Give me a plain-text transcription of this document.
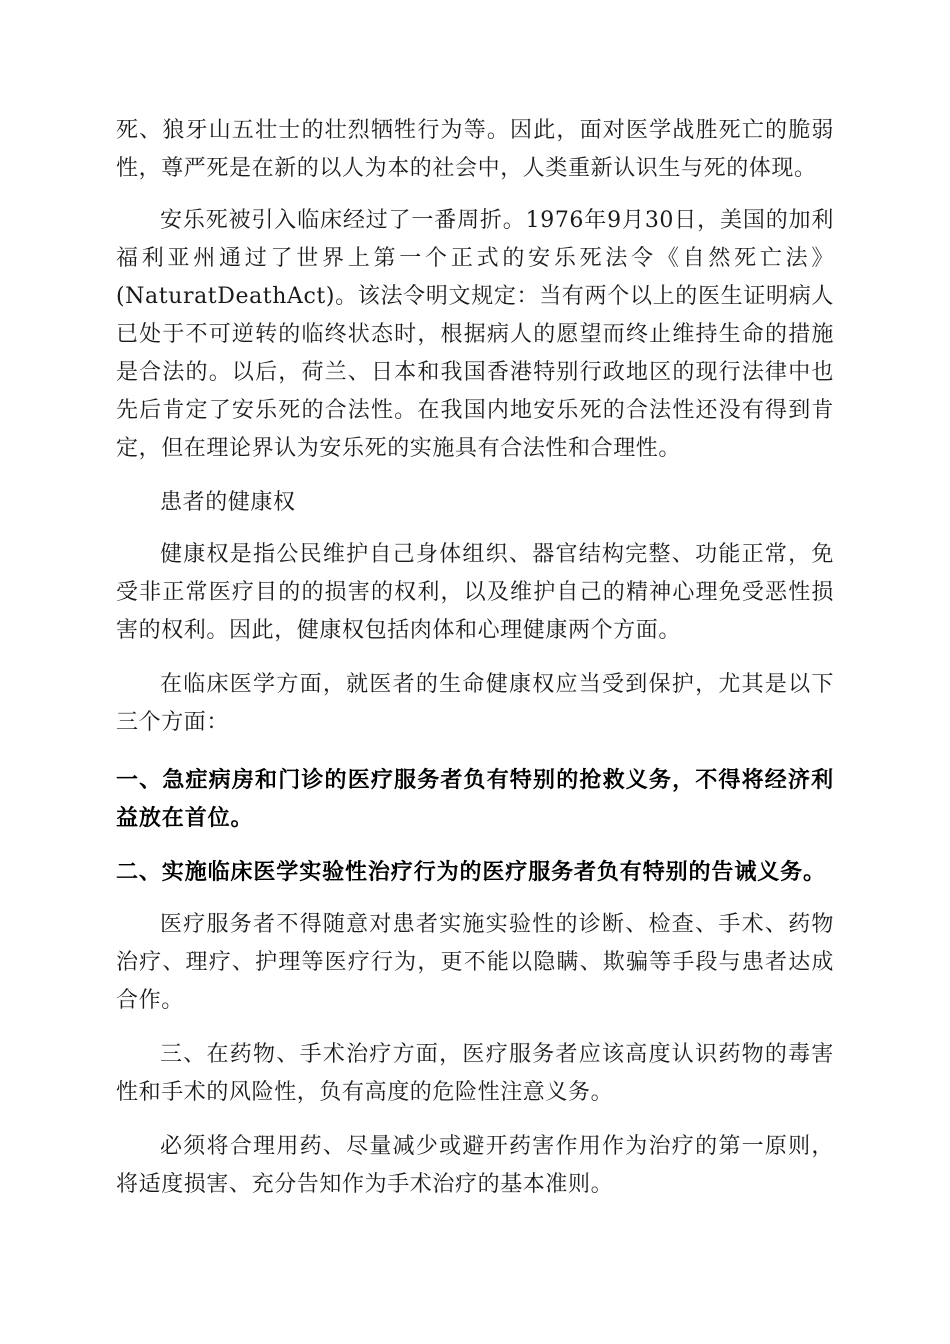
死、狼牙山五壮士的壮烈牺牲行为等。因此，面对医学战胜死亡的脆弱性，尊严死是在新的以人为本的社会中，人类重新认识生与死的体现。

安乐死被引入临床经过了一番周折。1976年9月30日，美国的加利福利亚州通过了世界上第一个正式的安乐死法令《自然死亡法》(NaturatDeathAct)。该法令明文规定：当有两个以上的医生证明病人已处于不可逆转的临终状态时，根据病人的愿望而终止维持生命的措施是合法的。以后，荷兰、日本和我国香港特别行政地区的现行法律中也先后肯定了安乐死的合法性。在我国内地安乐死的合法性还没有得到肯定，但在理论界认为安乐死的实施具有合法性和合理性。

患者的健康权

健康权是指公民维护自己身体组织、器官结构完整、功能正常，免受非正常医疗目的的损害的权利，以及维护自己的精神心理免受恶性损害的权利。因此，健康权包括肉体和心理健康两个方面。

在临床医学方面，就医者的生命健康权应当受到保护，尤其是以下三个方面：

一、急症病房和门诊的医疗服务者负有特别的抢救义务，不得将经济利益放在首位。

二、实施临床医学实验性治疗行为的医疗服务者负有特别的告诫义务。

医疗服务者不得随意对患者实施实验性的诊断、检查、手术、药物治疗、理疗、护理等医疗行为，更不能以隐瞒、欺骗等手段与患者达成合作。

三、在药物、手术治疗方面，医疗服务者应该高度认识药物的毒害性和手术的风险性，负有高度的危险性注意义务。

必须将合理用药、尽量减少或避开药害作用作为治疗的第一原则，将适度损害、充分告知作为手术治疗的基本准则。
